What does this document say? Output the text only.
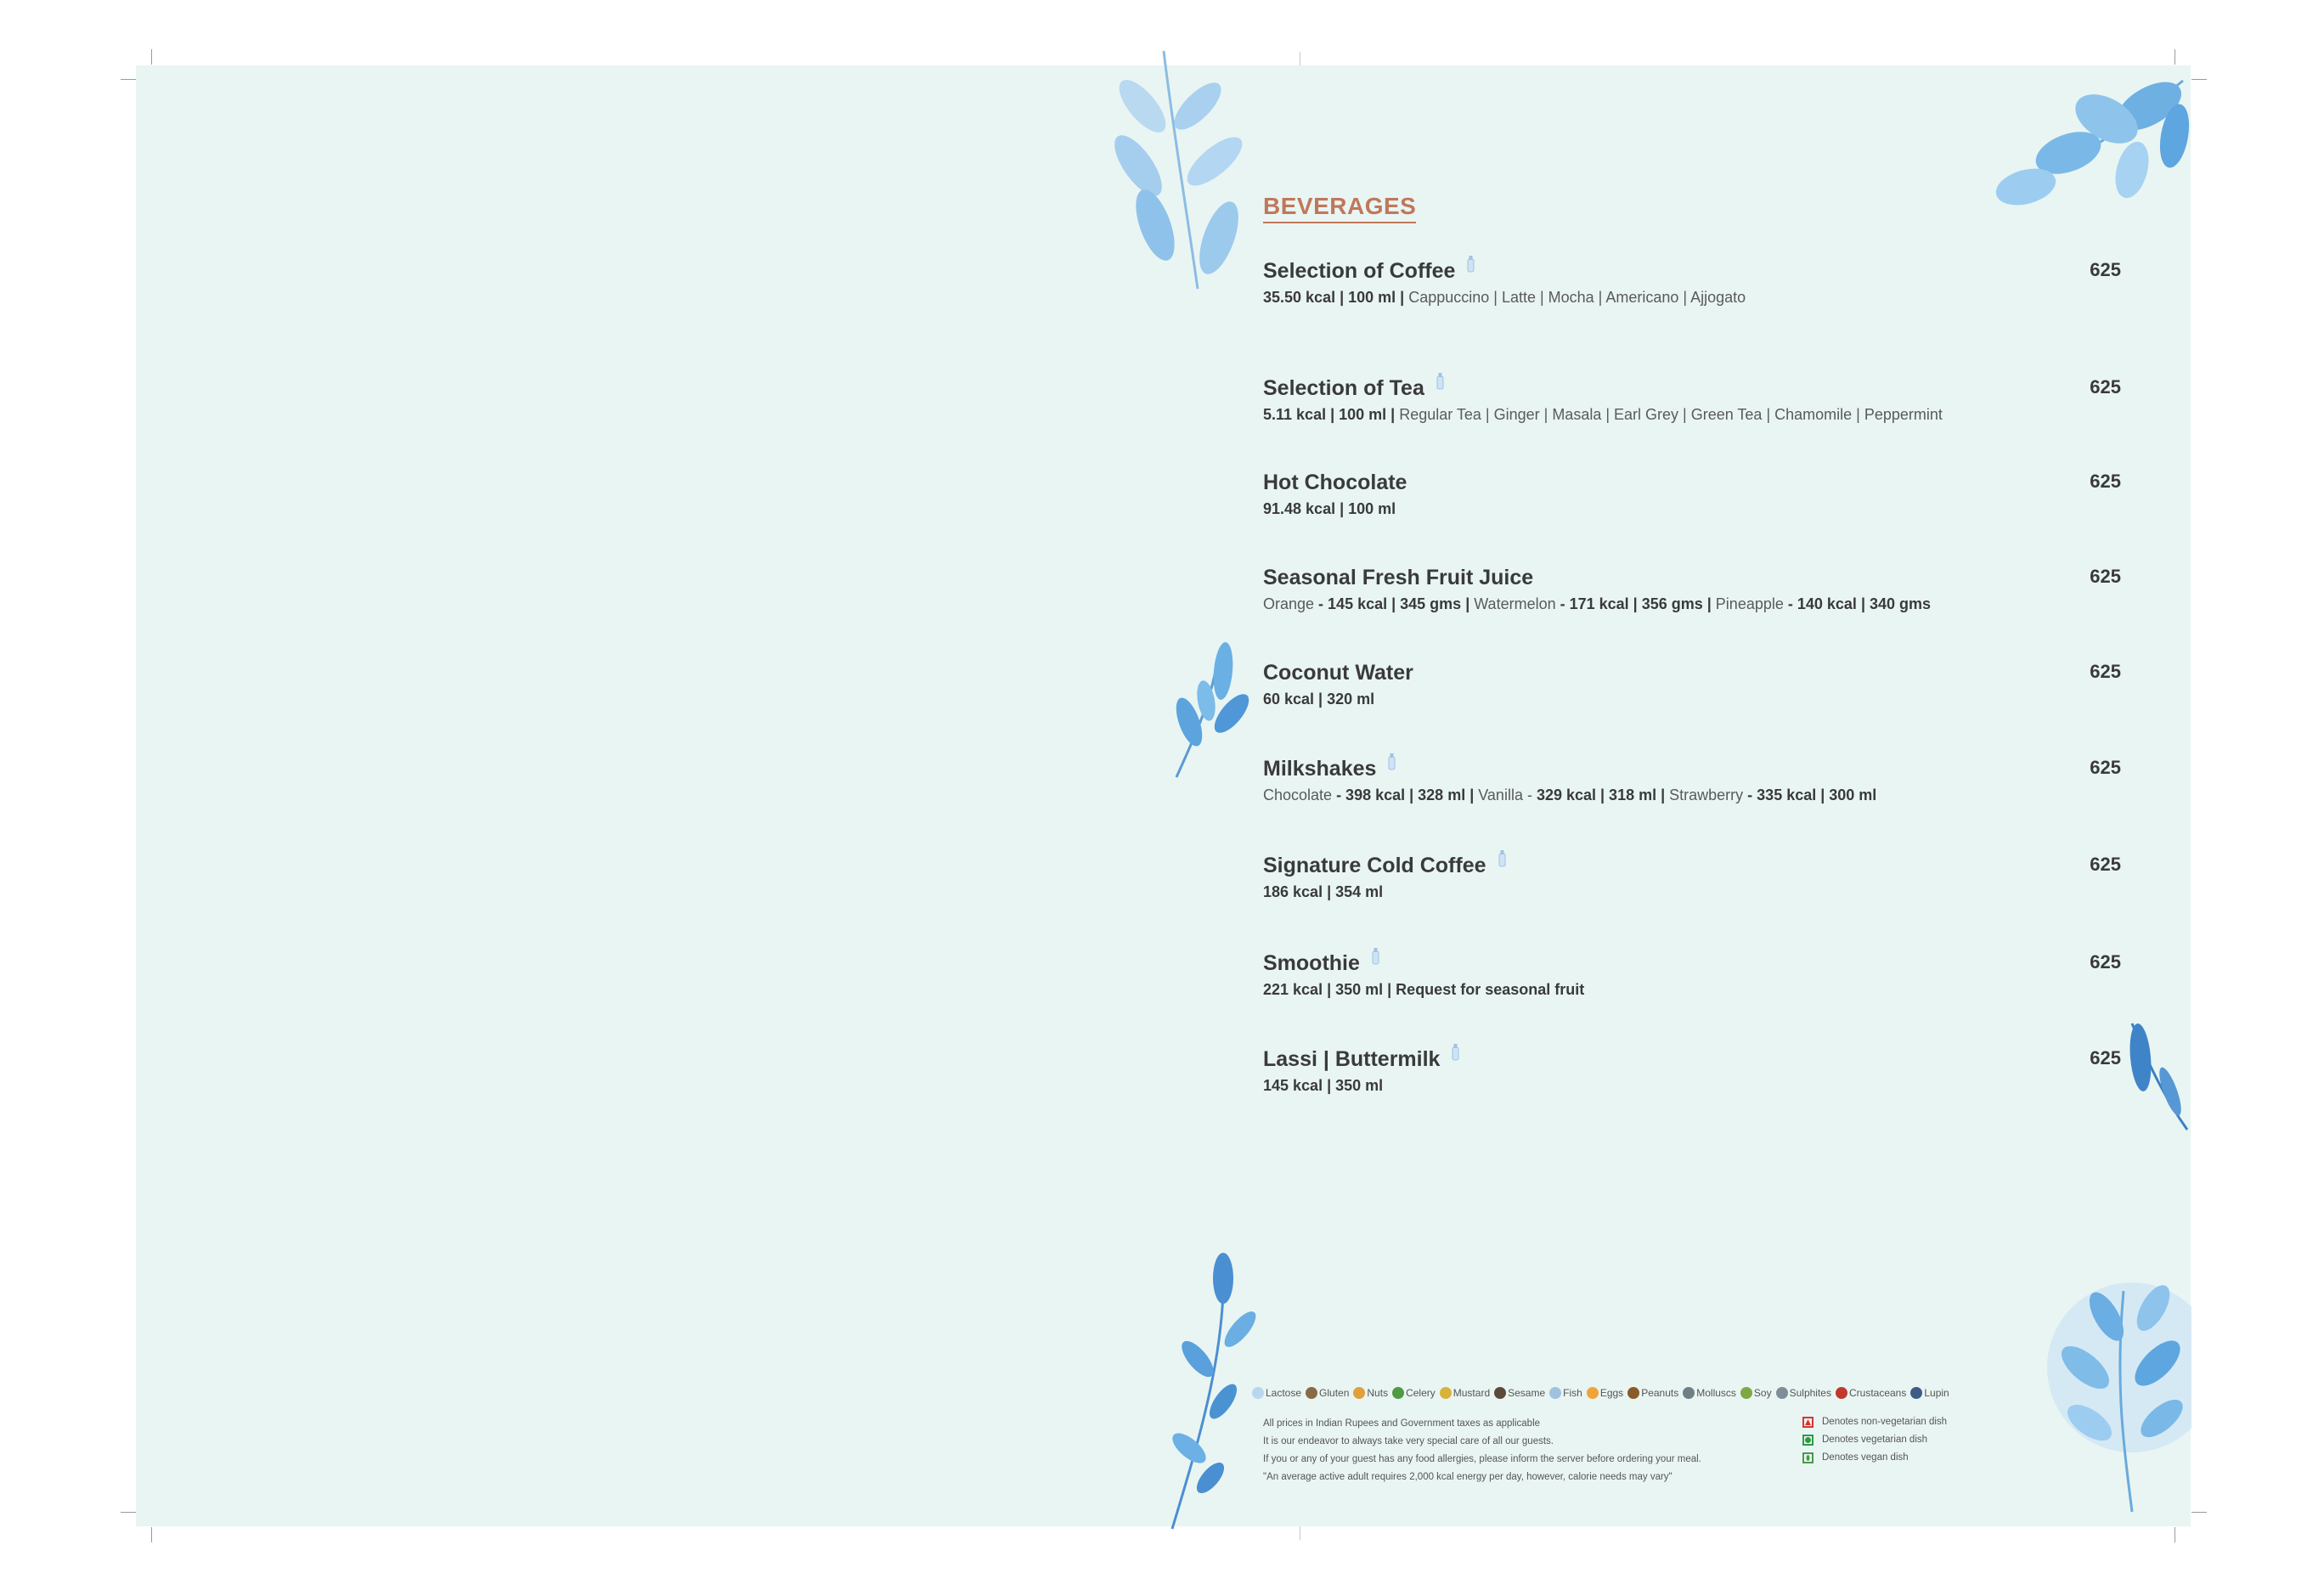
BEVERAGES
Selection of Coffee	625
35.50 kcal | 100 ml | Cappuccino | Latte | Mocha | Americano | Ajjogato
Selection of Tea	625
5.11 kcal | 100 ml | Regular Tea | Ginger | Masala | Earl Grey | Green Tea | Chamomile | Peppermint
Hot Chocolate	625
91.48 kcal | 100 ml
Seasonal Fresh Fruit Juice	625
Orange - 145 kcal | 345 gms | Watermelon - 171 kcal | 356 gms | Pineapple - 140 kcal | 340 gms
Coconut Water	625
60 kcal | 320 ml
Milkshakes	625
Chocolate - 398 kcal | 328 ml | Vanilla - 329 kcal | 318 ml | Strawberry - 335 kcal | 300 ml
Signature Cold Coffee	625
186 kcal | 354 ml
Smoothie	625
221 kcal | 350 ml | Request for seasonal fruit
Lassi | Buttermilk	625
145 kcal | 350 ml
Lactose Gluten Nuts Celery Mustard Sesame Fish Eggs Peanuts Molluscs Soy Sulphites Crustaceans Lupin
All prices in Indian Rupees and Government taxes as applicable
It is our endeavor to always take very special care of all our guests.
If you or any of your guest has any food allergies, please inform the server before ordering your meal.
"An average active adult requires 2,000 kcal energy per day, however, calorie needs may vary"
Denotes non-vegetarian dish
Denotes vegetarian dish
Denotes vegan dish
